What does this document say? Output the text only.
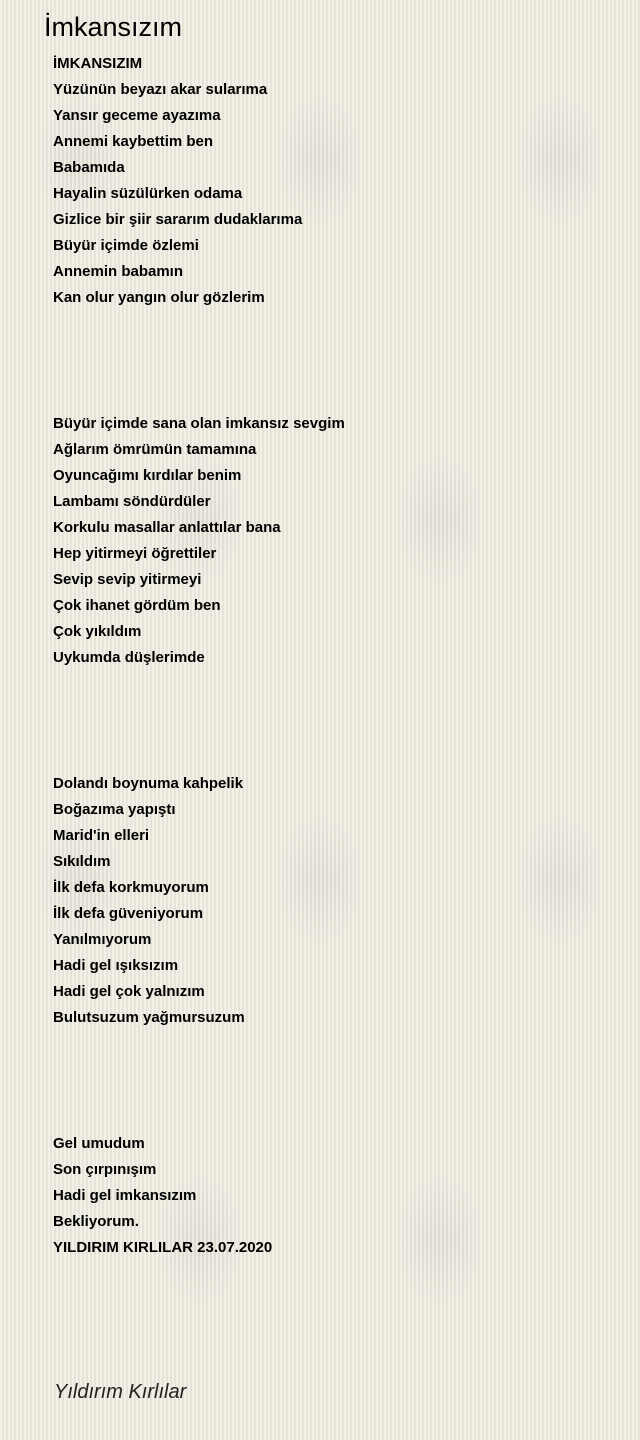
İmkansızım
İMKANSIZIM
Yüzünün beyazı akar sularıma
Yansır geceme ayazıma
Annemi kaybettim ben
Babamıda
Hayalin süzülürken odama
Gizlice bir şiir sararım dudaklarıma
Büyür içimde özlemi
Annemin babamın
Kan olur yangın olur gözlerim
Büyür içimde sana olan imkansız sevgim
Ağlarım ömrümün tamamına
Oyuncağımı kırdılar benim
Lambamı söndürdüler
Korkulu masallar anlattılar bana
Hep yitirmeyi öğrettiler
Sevip sevip yitirmeyi
Çok ihanet gördüm ben
Çok yıkıldım
Uykumda düşlerimde
Dolandı boynuma kahpelik
Boğazıma yapıştı
Marid'in elleri
Sıkıldım
İlk defa korkmuyorum
İlk defa güveniyorum
Yanılmıyorum
Hadi gel ışıksızım
Hadi gel çok yalnızım
Bulutsuzum yağmursuzum
Gel umudum
Son çırpınışım
Hadi gel imkansızım
Bekliyorum.
YILDIRIM KIRLILAR 23.07.2020
Yıldırım Kırlılar
